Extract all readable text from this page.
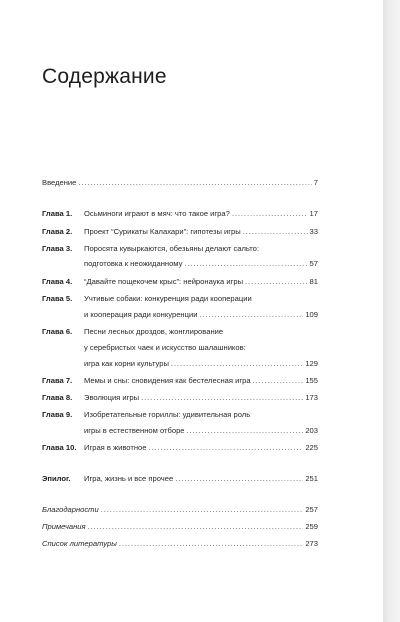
Содержание
Введение . . .	7
Глава 1. Осьминоги играют в мяч: что такое игра? . . .	17
Глава 2. Проект “Сурикаты Калахари”: гипотезы игры . . .	33
Глава 3. Поросята кувыркаются, обезьяны делают сальто:
подготовка к неожиданному . . .	57
Глава 4. “Давайте пощекочем крыс”: нейронаука игры . . .	81
Глава 5. Учтивые собаки: конкуренция ради кооперации
и кооперация ради конкуренции . . .	109
Глава 6. Песни лесных дроздов, жонглирование
у серебристых чаек и искусство шалашников:
игра как корни культуры . . .	129
Глава 7. Мемы и сны: сновидения как бестелесная игра . . .	155
Глава 8. Эволюция игры . . .	173
Глава 9. Изобретательные гориллы: удивительная роль
игры в естественном отборе . . .	203
Глава 10. Играя в животное . . .	225
Эпилог. Игра, жизнь и все прочее . . .	251
Благодарности . . .	257
Примечания . . .	259
Список литературы . . .	273
